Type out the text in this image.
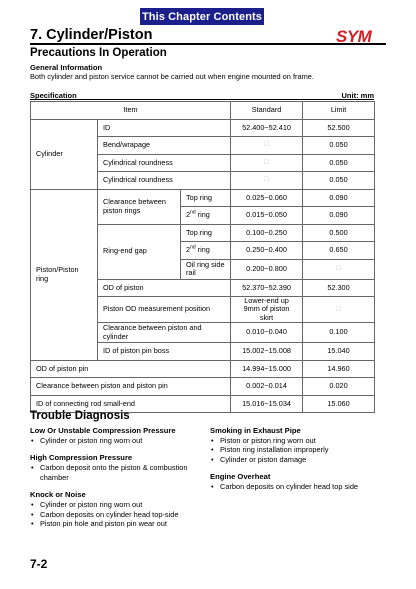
This Chapter Contents
7. Cylinder/Piston	SYM
Precautions In Operation
General Information
Both cylinder and piston service cannot be carried out when engine mounted on frame.
Specification	Unit: mm
Item			Standard	Limit
Cylinder	ID		52.400~52.410	52.500
	Bend/wrapage		□	0.050
	Cylindrical roundness		□	0.050
	Cylindrical roundness		□	0.050
Piston/Piston ring	Clearance between piston rings	Top ring	0.025~0.060	0.090
		2nd ring	0.015~0.050	0.090
	Ring-end gap	Top ring	0.100~0.250	0.500
		2nd ring	0.250~0.400	0.650
		Oil ring side rail	0.200~0.800	□
	OD of piston		52.370~52.390	52.300
	Piston OD measurement position		Lower-end up 9mm of piston skirt	□
	Clearance between piston and cylinder		0.010~0.040	0.100
	ID of piston pin boss		15.002~15.008	15.040

OD of piston pin			14.994~15.000	14.960
Clearance between piston and piston pin			0.002~0.014	0.020
ID of connecting rod small-end			15.016~15.034	15.060
Trouble Diagnosis
Low Or Unstable Compression Pressure
• Cylinder or piston ring worn out
High Compression Pressure
• Carbon deposit onto the piston & combustion chamber
Knock or Noise
• Cylinder or piston ring worn out
• Carbon deposits on cylinder head top-side
• Piston pin hole and piston pin wear out
Smoking in Exhaust Pipe
• Piston or piston ring worn out
• Piston ring installation improperly
• Cylinder or piston damage
Engine Overheat
• Carbon deposits on cylinder head top side
7-2
